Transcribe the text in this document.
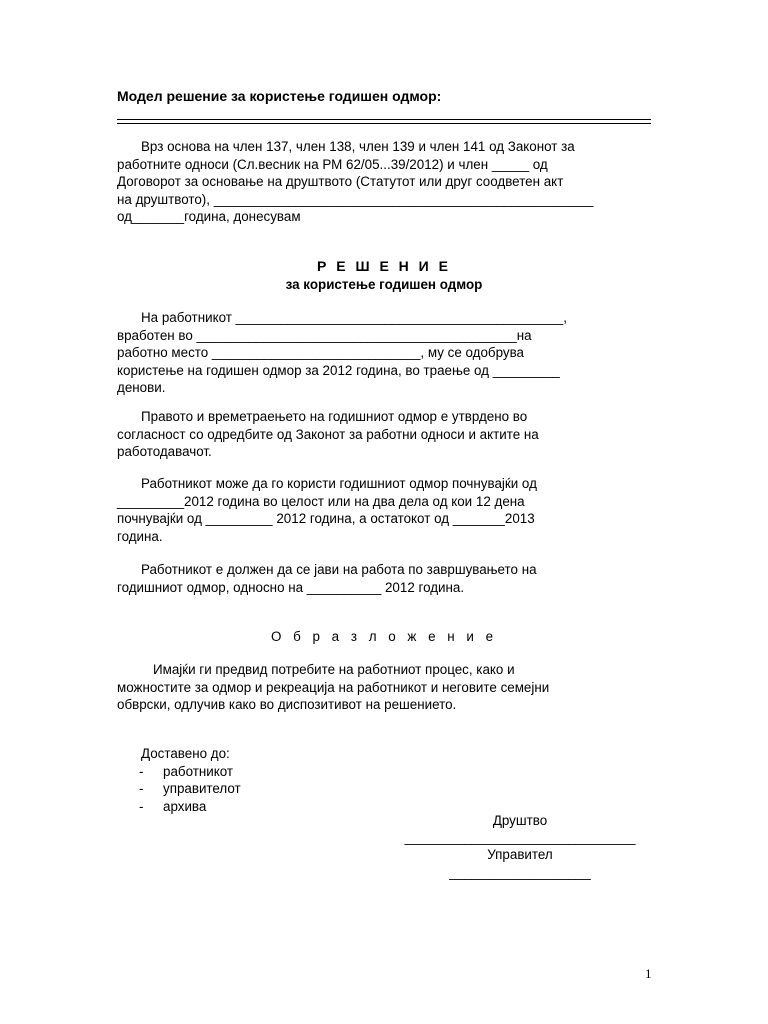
Модел решение за користење годишен одмор:
Врз основа на член 137, член 138, член 139 и член 141 од Законот за
работните односи (Сл.весник на РМ 62/05...39/2012) и член _____ од
Договорот за основање на друштвото (Статутот или друг соодветен акт
на друштвото), ___________________________________________________
од_______година, донесувам
Р Е Ш Е Н И Е
за користење годишен одмор
На работникот ____________________________________________,
вработен во ___________________________________________на
работно место ____________________________, му се одобрува
користење на годишен одмор за 2012 година, во траење од _________
денови.
Правото и времетраењето на годишниот одмор е утврдено во
согласност со одредбите од Законот за работни односи и актите на
работодавачот.
Работникот може да го користи годишниот одмор почнувајќи од
_________2012 година во целост или на два дела од кои 12 дена
почнувајќи од _________ 2012 година, а остатокот од _______2013
година.
Работникот е должен да се јави на работа по завршувањето на
годишниот одмор, односно на __________ 2012 година.
О б р а з л о ж е н и е
Имајќи ги предвид потребите на работниот процес, како и
можностите за одмор и рекреација на работникот и неговите семејни
обврски, одлучив како во диспозитивот на решението.
Доставено до:
- работникот
- управителот
- архива
Друштво
_______________________________
Управител
___________________
1
